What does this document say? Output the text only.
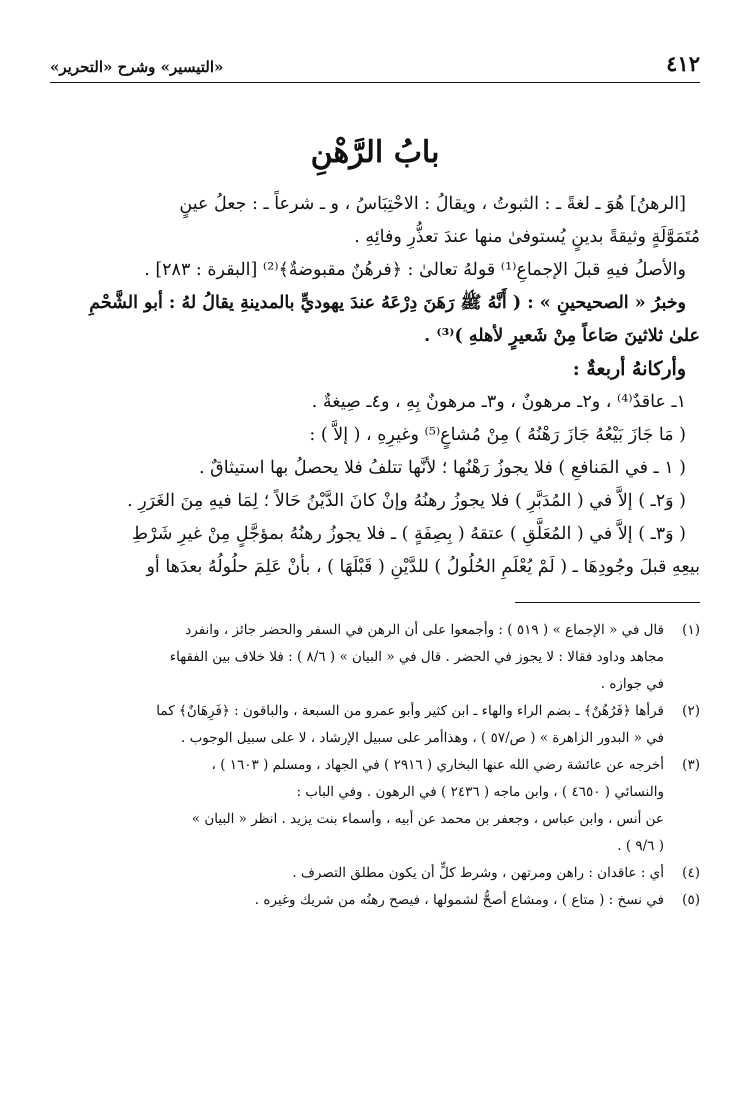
٤١٢
«التيسير» وشرح «التحرير»
بابُ الرَّهْنِ

[الرهنُ] هُوَ ـ لغةً ـ : الثبوتُ ، ويقالُ : الاحْتِبَاسُ ، و ـ شرعاً ـ : جعلُ عينٍ

مُتَمَوَّلَةٍ وثيقةً بدينٍ يُستوفىٰ منها عندَ تعذُّرِ وفائِهِ .

والأصلُ فيهِ قبلَ الإجماعِ⁽¹⁾ قولهُ تعالىٰ : ﴿فرهُنٌ مقبوضةٌ﴾⁽²⁾ [البقرة : ٢٨٣] .

وخبرُ « الصحيحينِ » : ( أَنَّهُ ﷺ رَهَنَ دِرْعَهُ عندَ يهوديٍّ بالمدينةِ يقالُ لهُ : أبو الشَّحْمِ

علىٰ ثلاثينَ صَاعاً مِنْ شَعيرٍ لأهلهِ )⁽³⁾ .

وأركانهُ أربعةٌ :

١ـ عاقدٌ⁽⁴⁾ ، و٢ـ مرهونٌ ، و٣ـ مرهونٌ بِهِ ، و٤ـ صِيغةٌ .

( مَا جَازَ بَيْعُهُ جَازَ رَهْنُهُ ) مِنْ مُشاعٍ⁽⁵⁾ وغيرِهِ ، ( إلاَّ ) :

( ١ ـ في المَنافعِ ) فلا يجوزُ رَهْنُها ؛ لأنَّها تتلفُ فلا يحصلُ بها استيثاقٌ .

( وَ٢ـ ) إلاَّ في ( المُدَبَّرِ ) فلا يجوزُ رهنُهُ وإنْ كانَ الدَّيْنُ حَالاً ؛ لِمَا فيهِ مِنَ الغَرَرِ .

( وَ٣ـ ) إلاَّ في ( المُعَلَّقِ ) عتقهُ ( بِصِفَةٍ ) ـ فلا يجوزُ رهنُهُ بمؤجَّلٍ مِنْ غيرِ شَرْطِ

بيعِهِ قبلَ وجُودِهَا ـ ( لَمْ يُعْلَمِ الحُلُولُ ) للدَّيْنِ ( قَبْلَهَا ) ، بأنْ عَلِمَ حلُولُهُ بعدَها أو

(١)
قال في « الإجماع » ( ٥١٩ ) : وأجمعوا على أن الرهن في السفر والحضر جائز ، وانفرد
مجاهد وداود فقالا : لا يجوز في الحضر . قال في « البيان » ( ٨/٦ ) : فلا خلاف بين الفقهاء
في جوازه .
(٢)
قرأها ﴿فَرُهُنٌ﴾ ـ بضم الراء والهاء ـ ابن كثير وأبو عمرو من السبعة ، والباقون : ﴿فَرِهَانٌ﴾ كما
في « البدور الزاهرة » ( ص/٥٧ ) ، وهذاأمر على سبيل الإرشاد ، لا على سبيل الوجوب .
(٣)
أخرجه عن عائشة رضي الله عنها البخاري ( ٢٩١٦ ) في الجهاد ، ومسلم ( ١٦٠٣ ) ،
والنسائي ( ٤٦٥٠ ) ، وابن ماجه ( ٢٤٣٦ ) في الرهون . وفي الباب :
عن أنس ، وابن عباس ، وجعفر بن محمد عن أبيه ، وأسماء بنت يزيد . انظر « البيان »
( ٩/٦ ) .
(٤)
أي : عاقدان : راهن ومرتهن ، وشرط كلٍّ أن يكون مطلق التصرف .
(٥)
في نسخ : ( متاع ) ، ومشاع أصحُّ لشمولها ، فيصح رهنُه من شريك وغيره .
